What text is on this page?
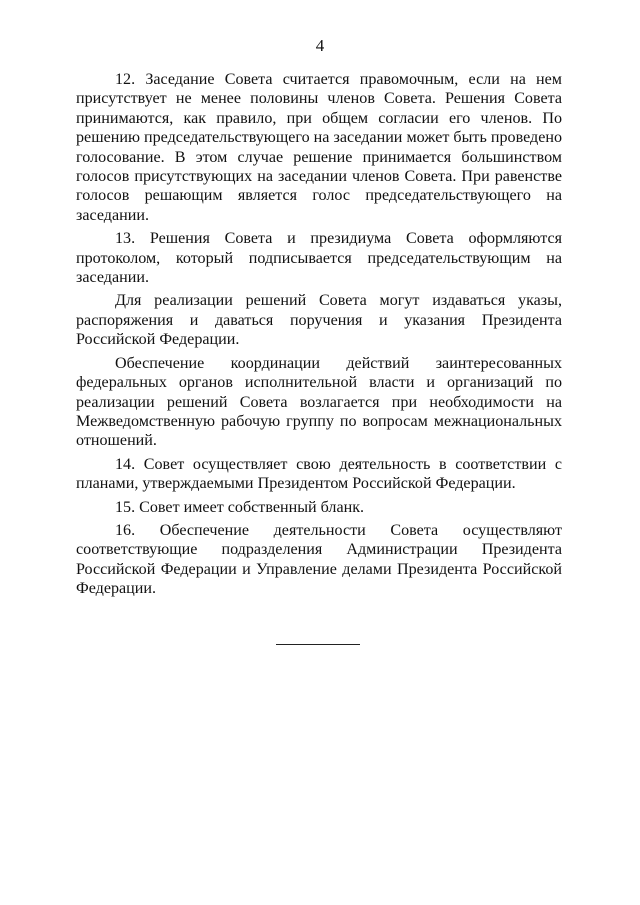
4

12. Заседание Совета считается правомочным, если на нем присутствует не менее половины членов Совета. Решения Совета принимаются, как правило, при общем согласии его членов. По решению председательствующего на заседании может быть проведено голосование. В этом случае решение принимается большинством голосов присутствующих на заседании членов Совета. При равенстве голосов решающим является голос председательствующего на заседании.

13. Решения Совета и президиума Совета оформляются протоколом, который подписывается председательствующим на заседании.

Для реализации решений Совета могут издаваться указы, распоряжения и даваться поручения и указания Президента Российской Федерации.

Обеспечение координации действий заинтересованных федеральных органов исполнительной власти и организаций по реализации решений Совета возлагается при необходимости на Межведомственную рабочую группу по вопросам межнациональных отношений.

14. Совет осуществляет свою деятельность в соответствии с планами, утверждаемыми Президентом Российской Федерации.

15. Совет имеет собственный бланк.

16. Обеспечение деятельности Совета осуществляют соответствующие подразделения Администрации Президента Российской Федерации и Управление делами Президента Российской Федерации.
